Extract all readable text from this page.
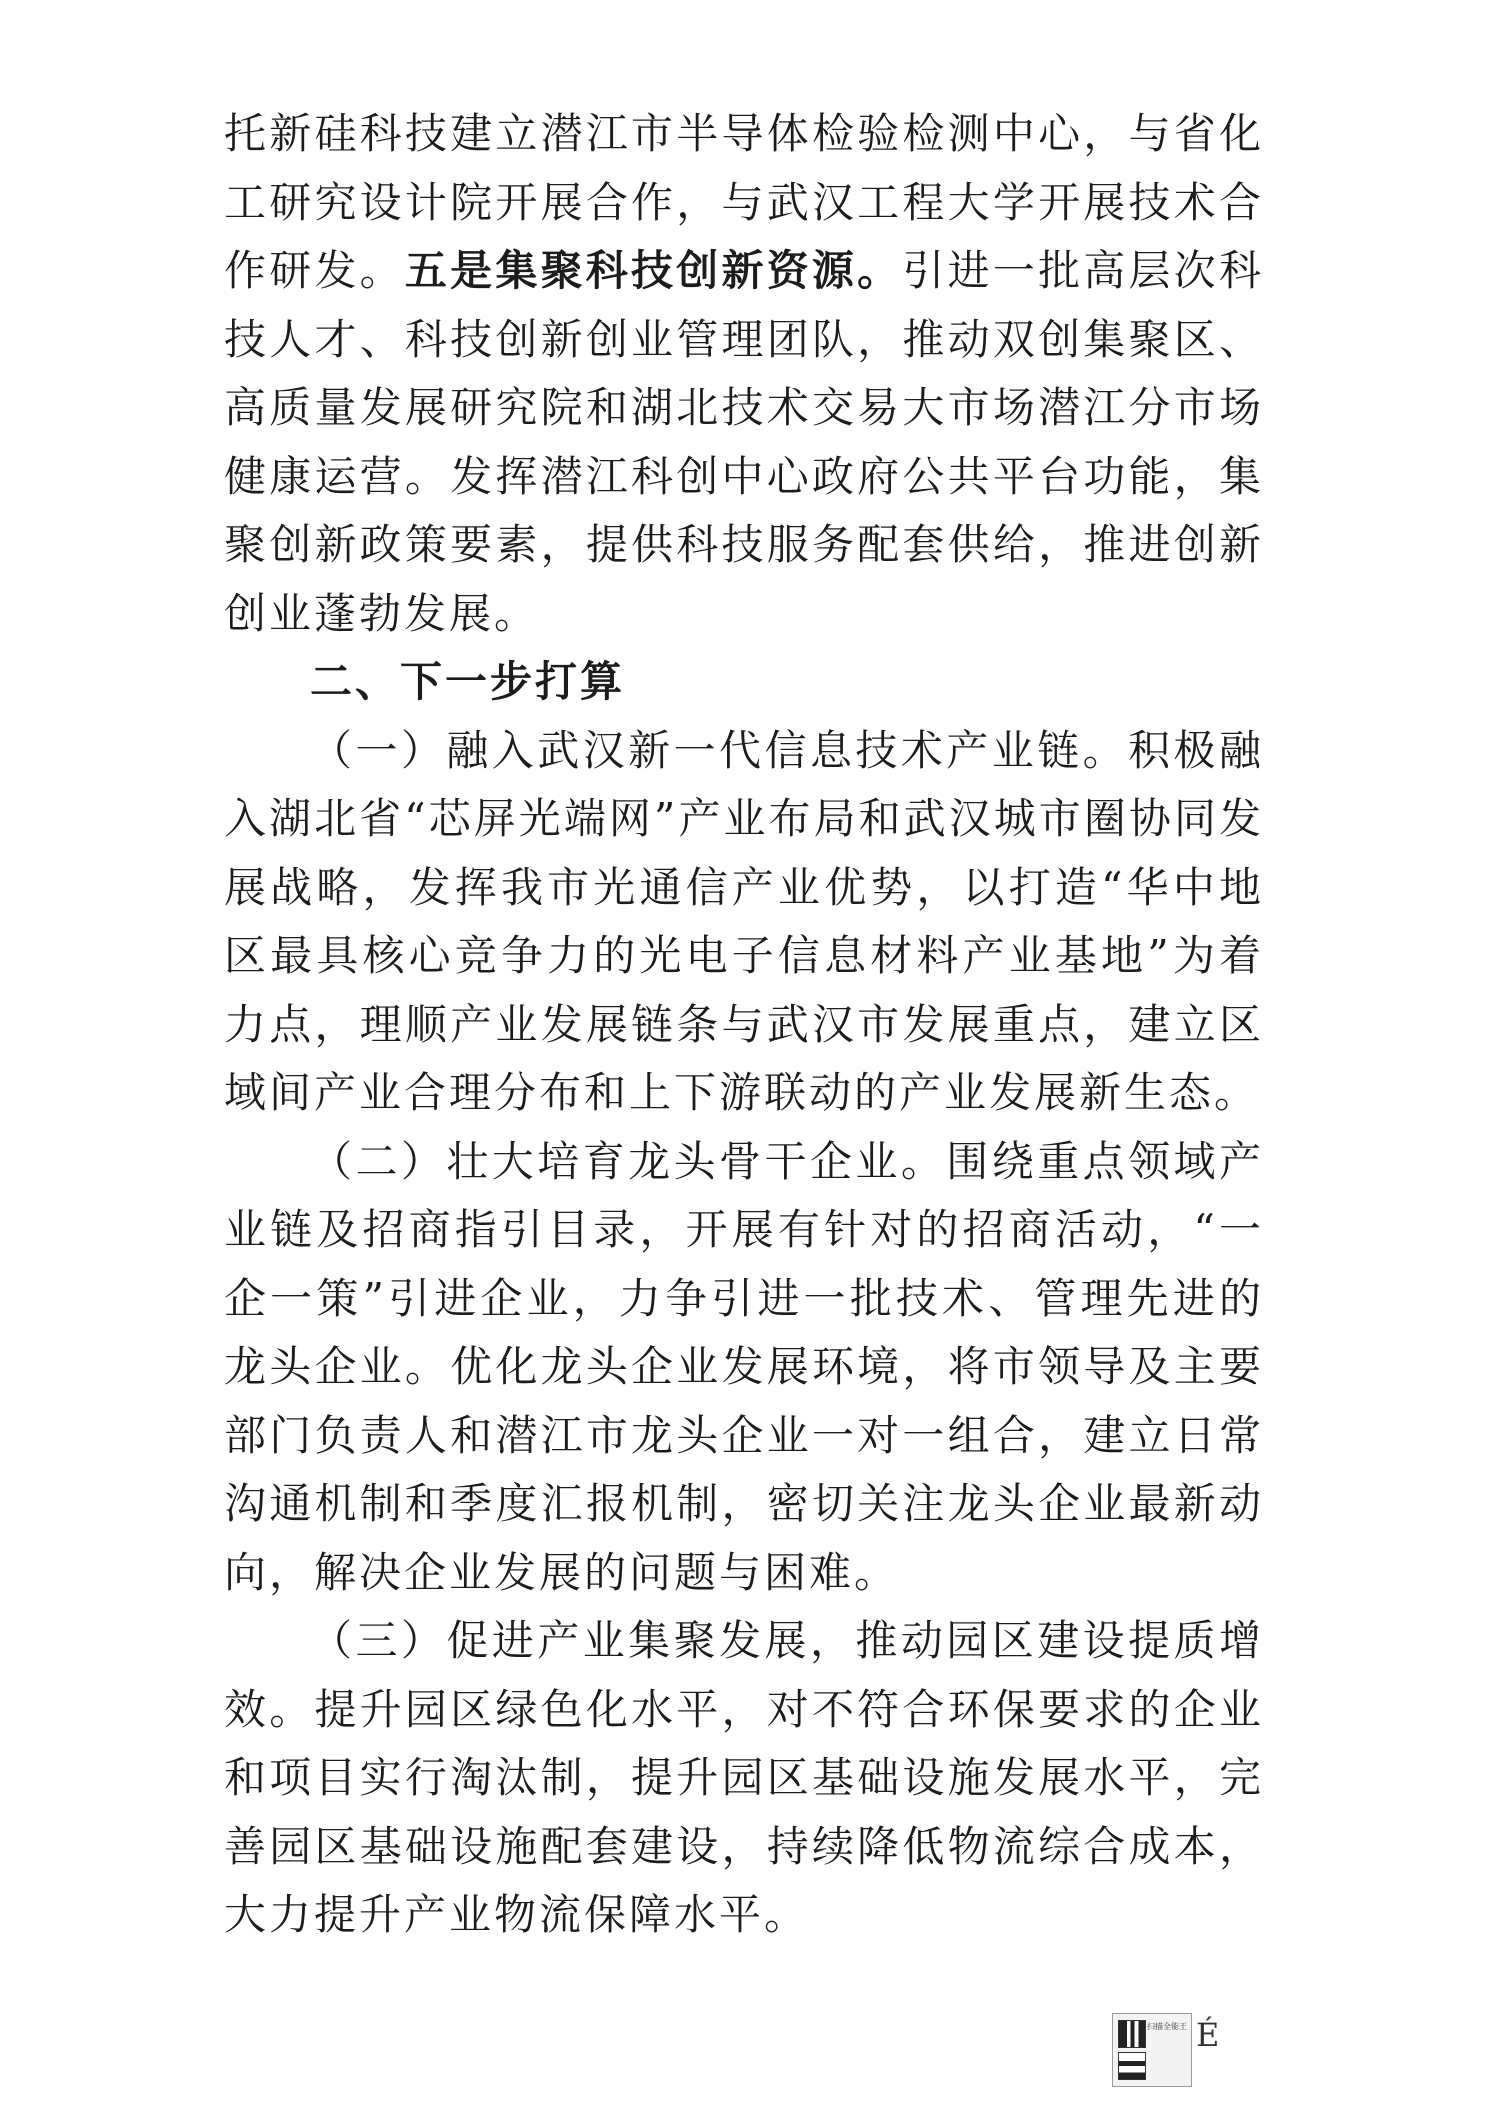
托新硅科技建立潜江市半导体检验检测中心，与省化工研究设计院开展合作，与武汉工程大学开展技术合作研发。五是集聚科技创新资源。引进一批高层次科技人才、科技创新创业管理团队，推动双创集聚区、高质量发展研究院和湖北技术交易大市场潜江分市场健康运营。发挥潜江科创中心政府公共平台功能，集聚创新政策要素，提供科技服务配套供给，推进创新创业蓬勃发展。

二、下一步打算

（一）融入武汉新一代信息技术产业链。积极融入湖北省“芯屏光端网”产业布局和武汉城市圈协同发展战略，发挥我市光通信产业优势，以打造“华中地区最具核心竞争力的光电子信息材料产业基地”为着力点，理顺产业发展链条与武汉市发展重点，建立区域间产业合理分布和上下游联动的产业发展新生态。

（二）壮大培育龙头骨干企业。围绕重点领域产业链及招商指引目录，开展有针对的招商活动，“一企一策”引进企业，力争引进一批技术、管理先进的龙头企业。优化龙头企业发展环境，将市领导及主要部门负责人和潜江市龙头企业一对一组合，建立日常沟通机制和季度汇报机制，密切关注龙头企业最新动向，解决企业发展的问题与困难。

（三）促进产业集聚发展，推动园区建设提质增效。提升园区绿色化水平，对不符合环保要求的企业和项目实行淘汰制，提升园区基础设施发展水平，完善园区基础设施配套建设，持续降低物流综合成本，大力提升产业物流保障水平。

扫描全能王 É
